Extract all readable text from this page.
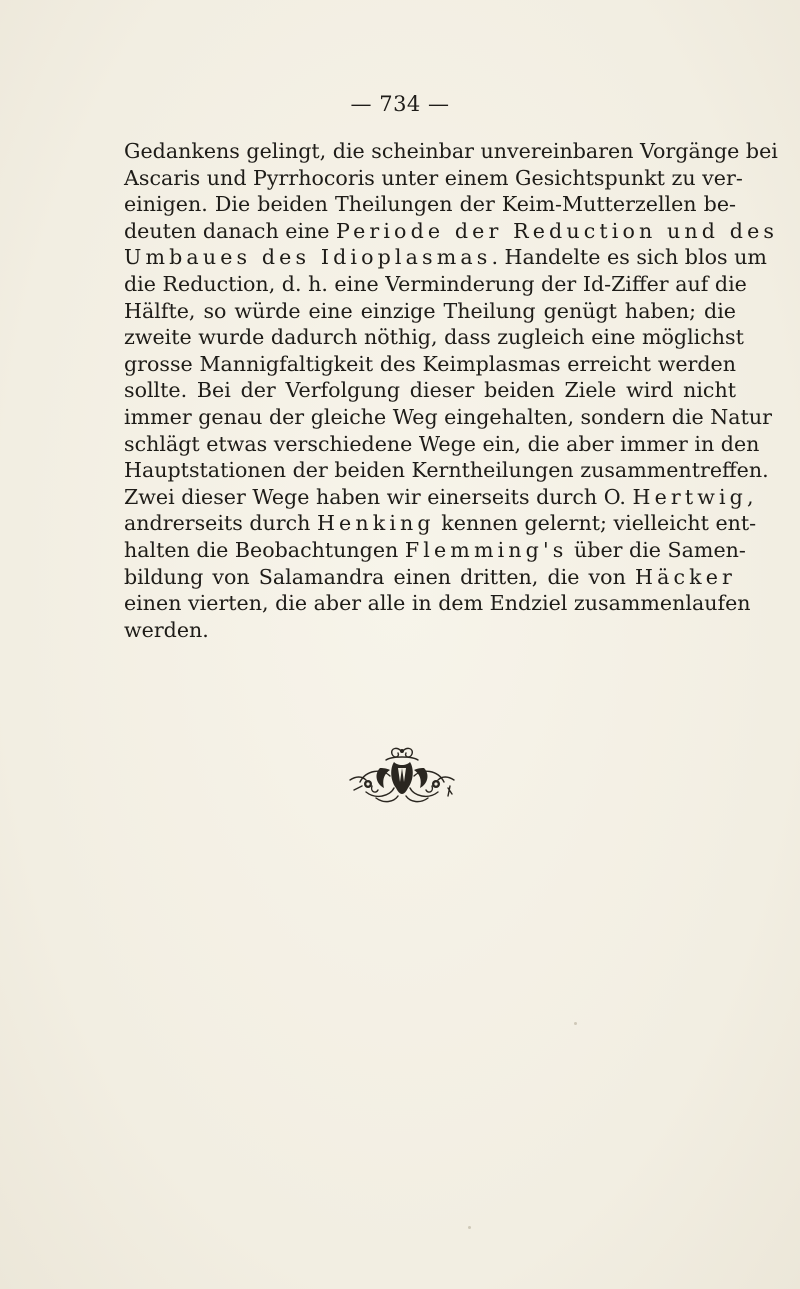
— 734 —
Gedankens gelingt, die scheinbar unvereinbaren Vorgänge bei
Ascaris und Pyrrhocoris unter einem Gesichtspunkt zu ver-
einigen. Die beiden Theilungen der Keim-Mutterzellen be-
deuten danach eine Periode der Reduction und des
Umbaues des Idioplasmas. Handelte es sich blos um
die Reduction, d. h. eine Verminderung der Id-Ziffer auf die
Hälfte, so würde eine einzige Theilung genügt haben; die
zweite wurde dadurch nöthig, dass zugleich eine möglichst
grosse Mannigfaltigkeit des Keimplasmas erreicht werden
sollte. Bei der Verfolgung dieser beiden Ziele wird nicht
immer genau der gleiche Weg eingehalten, sondern die Natur
schlägt etwas verschiedene Wege ein, die aber immer in den
Hauptstationen der beiden Kerntheilungen zusammentreffen.
Zwei dieser Wege haben wir einerseits durch O. Hertwig,
andrerseits durch Henking kennen gelernt; vielleicht ent-
halten die Beobachtungen Flemming's über die Samen-
bildung von Salamandra einen dritten, die von Häcker
einen vierten, die aber alle in dem Endziel zusammenlaufen
werden.
